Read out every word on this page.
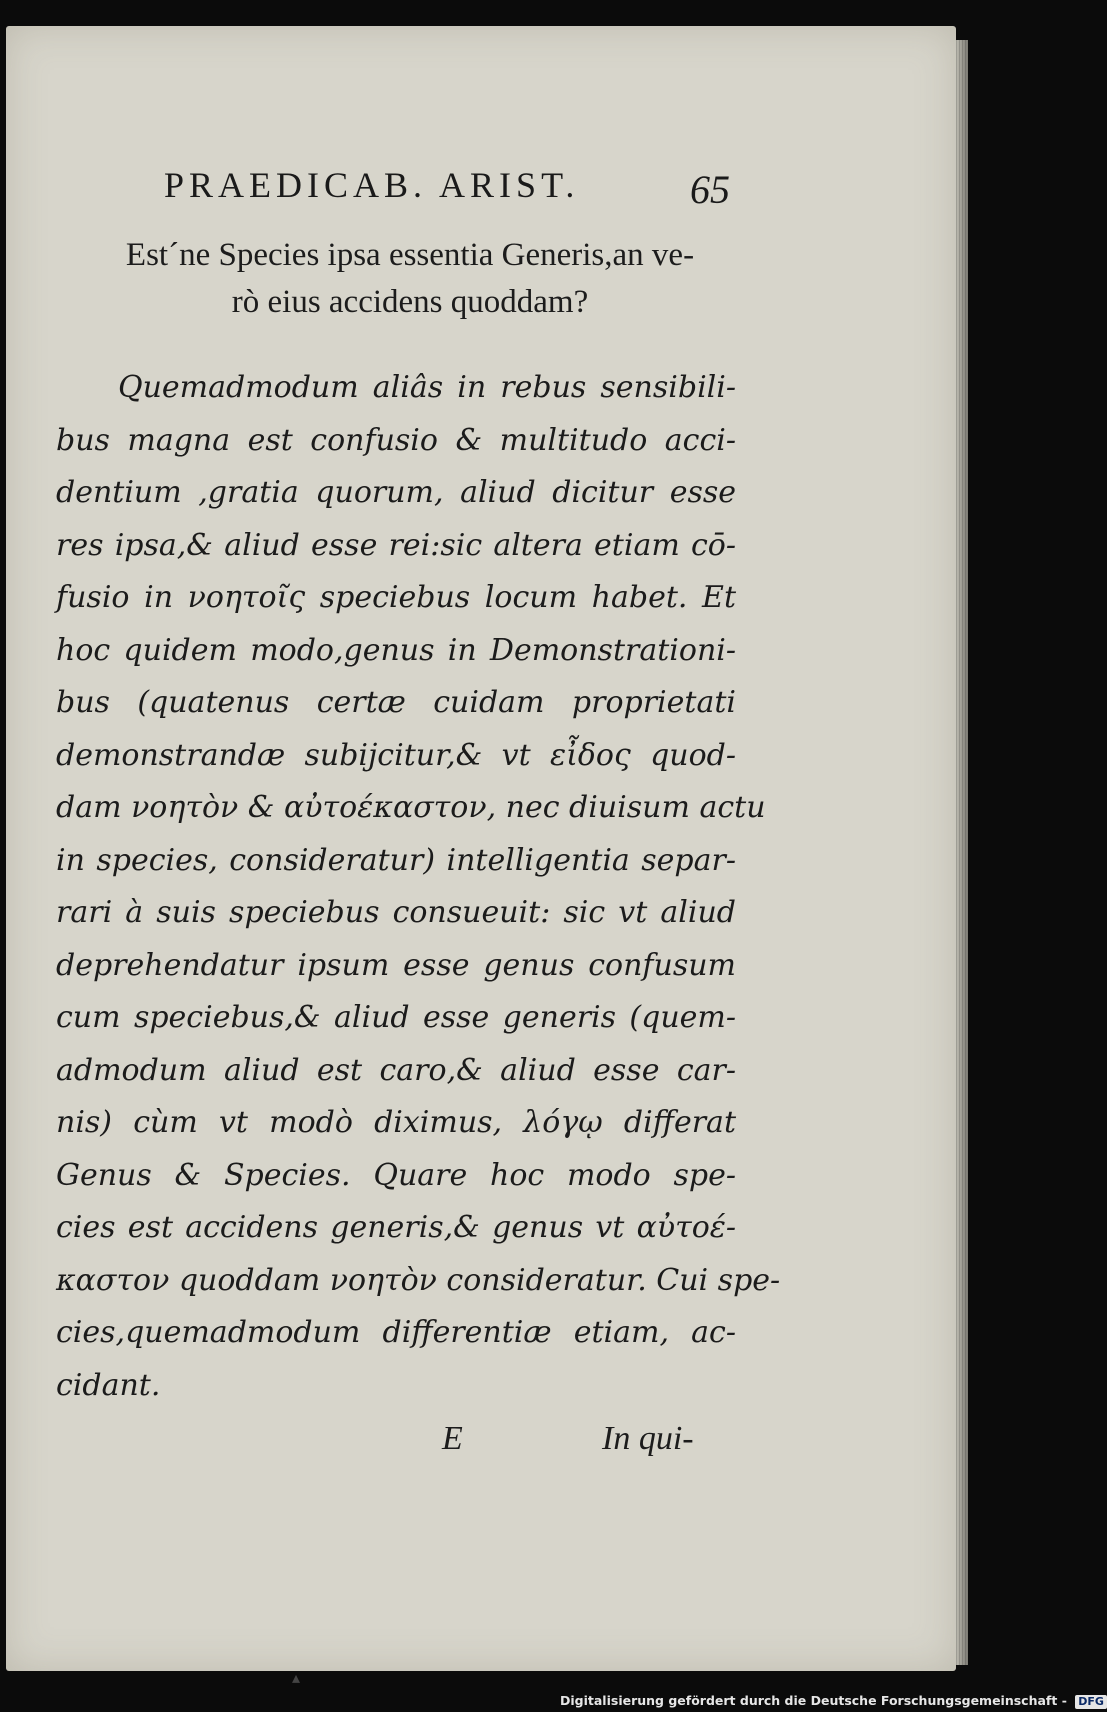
PRAEDICAB. ARIST.	65
Est´ne Species ipsa essentia Generis,an ve-
rò eius accidens quoddam?
Quemadmodum aliâs in rebus sensibili-
bus magna est confusio & multitudo acci-
dentium ,gratia quorum, aliud dicitur esse
res ipsa,& aliud esse rei:sic altera etiam cō-
fusio in νοητοῖς speciebus locum habet. Et
hoc quidem modo,genus in Demonstrationi-
bus (quatenus certæ cuidam proprietati
demonstrandæ subijcitur,& vt εἶδος quod-
dam νοητὸν & αὐτοέκαστον, nec diuisum actu
in species, consideratur) intelligentia separ-
rari à suis speciebus consueuit: sic vt aliud
deprehendatur ipsum esse genus confusum
cum speciebus,& aliud esse generis (quem-
admodum aliud est caro,& aliud esse car-
nis) cùm vt modò diximus, λόγῳ differat
Genus & Species. Quare hoc modo spe-
cies est accidens generis,& genus vt αὐτοέ-
καστον quoddam νοητὸν consideratur. Cui spe-
cies,quemadmodum differentiæ etiam, ac-
cidant.
E	In qui-
▴
Digitalisierung gefördert durch die Deutsche Forschungsgemeinschaft - DFG
